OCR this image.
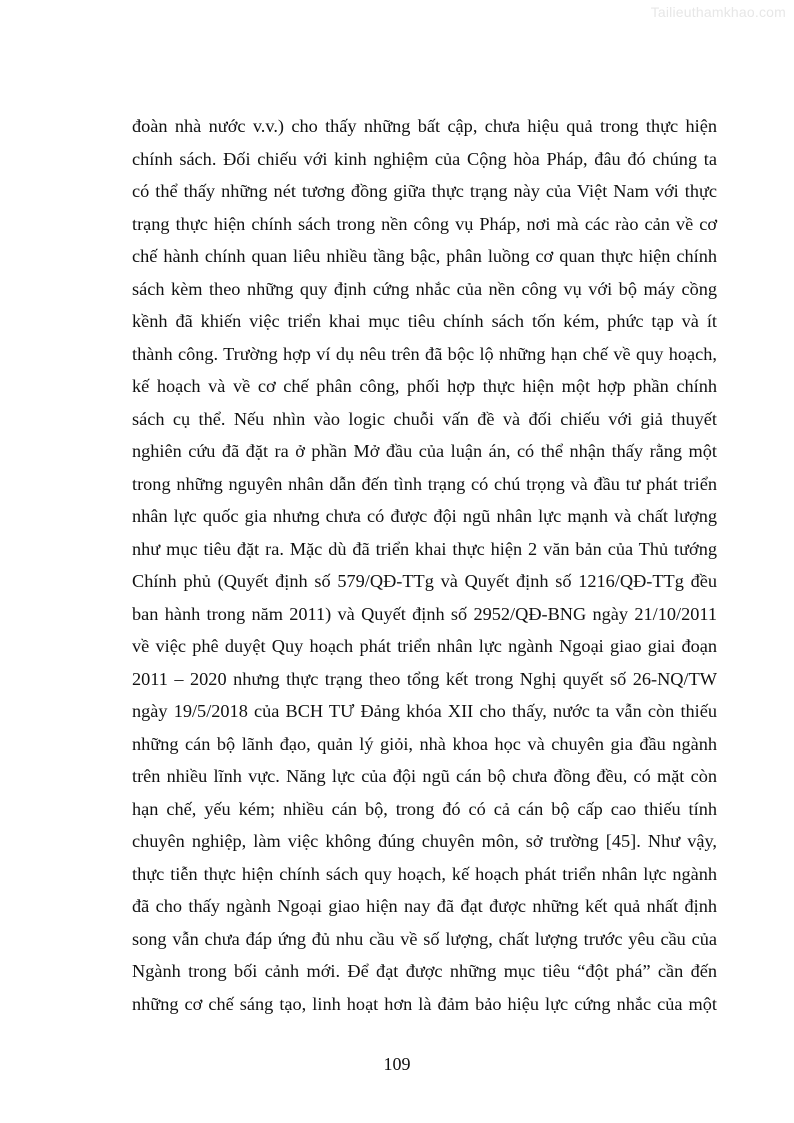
Tailieuthamkhao.com
đoàn nhà nước v.v.) cho thấy những bất cập, chưa hiệu quả trong thực hiện
chính sách. Đối chiếu với kinh nghiệm của Cộng hòa Pháp, đâu đó chúng ta
có thể thấy những nét tương đồng giữa thực trạng này của Việt Nam với thực
trạng thực hiện chính sách trong nền công vụ Pháp, nơi mà các rào cản về cơ
chế hành chính quan liêu nhiều tầng bậc, phân luồng cơ quan thực hiện chính
sách kèm theo những quy định cứng nhắc của nền công vụ với bộ máy cồng
kềnh đã khiến việc triển khai mục tiêu chính sách tốn kém, phức tạp và ít
thành công. Trường hợp ví dụ nêu trên đã bộc lộ những hạn chế về quy hoạch,
kế hoạch và về cơ chế phân công, phối hợp thực hiện một hợp phần chính
sách cụ thể. Nếu nhìn vào logic chuỗi vấn đề và đối chiếu với giả thuyết
nghiên cứu đã đặt ra ở phần Mở đầu của luận án, có thể nhận thấy rằng một
trong những nguyên nhân dẫn đến tình trạng có chú trọng và đầu tư phát triển
nhân lực quốc gia nhưng chưa có được đội ngũ nhân lực mạnh và chất lượng
như mục tiêu đặt ra. Mặc dù đã triển khai thực hiện 2 văn bản của Thủ tướng
Chính phủ (Quyết định số 579/QĐ-TTg và Quyết định số 1216/QĐ-TTg đều
ban hành trong năm 2011) và Quyết định số 2952/QĐ-BNG ngày 21/10/2011
về việc phê duyệt Quy hoạch phát triển nhân lực ngành Ngoại giao giai đoạn
2011 – 2020 nhưng thực trạng theo tổng kết trong Nghị quyết số 26-NQ/TW
ngày 19/5/2018 của BCH TƯ Đảng khóa XII cho thấy, nước ta vẫn còn thiếu
những cán bộ lãnh đạo, quản lý giỏi, nhà khoa học và chuyên gia đầu ngành
trên nhiều lĩnh vực. Năng lực của đội ngũ cán bộ chưa đồng đều, có mặt còn
hạn chế, yếu kém; nhiều cán bộ, trong đó có cả cán bộ cấp cao thiếu tính
chuyên nghiệp, làm việc không đúng chuyên môn, sở trường [45]. Như vậy,
thực tiễn thực hiện chính sách quy hoạch, kế hoạch phát triển nhân lực ngành
đã cho thấy ngành Ngoại giao hiện nay đã đạt được những kết quả nhất định
song vẫn chưa đáp ứng đủ nhu cầu về số lượng, chất lượng trước yêu cầu của
Ngành trong bối cảnh mới. Để đạt được những mục tiêu “đột phá” cần đến
những cơ chế sáng tạo, linh hoạt hơn là đảm bảo hiệu lực cứng nhắc của một
109
